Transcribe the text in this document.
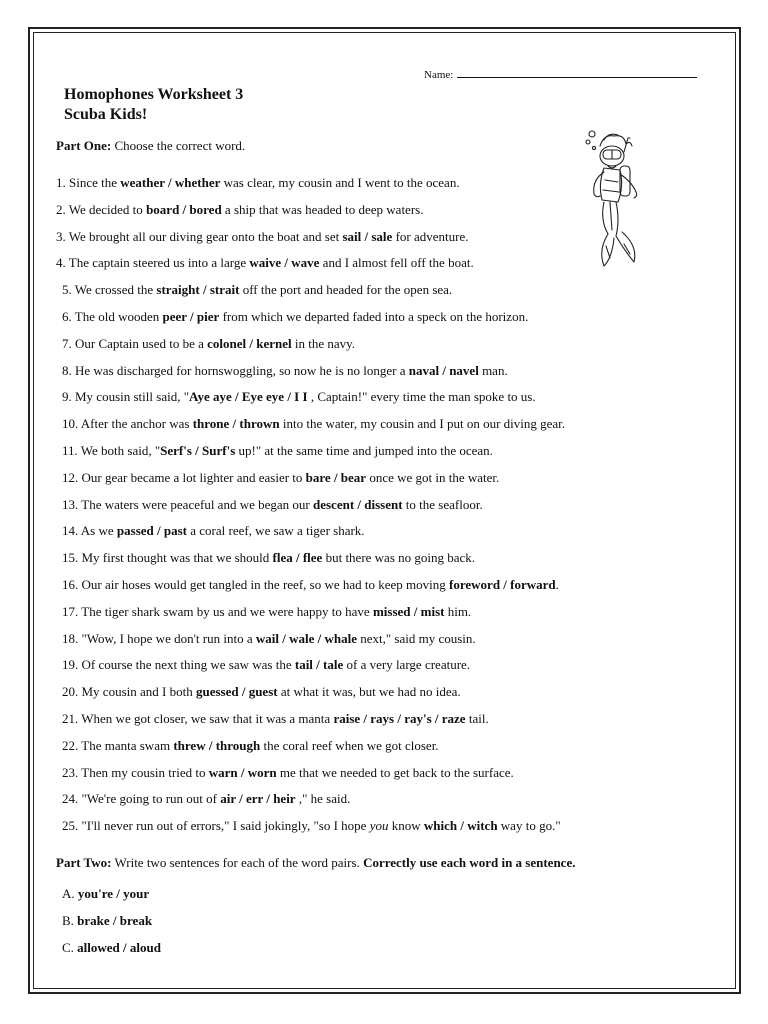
Name:
Homophones Worksheet 3
Scuba Kids!
Part One: Choose the correct word.
1. Since the weather / whether was clear, my cousin and I went to the ocean.
2. We decided to board / bored a ship that was headed to deep waters.
3. We brought all our diving gear onto the boat and set sail / sale for adventure.
4. The captain steered us into a large waive / wave and I almost fell off the boat.
5. We crossed the straight / strait off the port and headed for the open sea.
6. The old wooden peer / pier from which we departed faded into a speck on the horizon.
7. Our Captain used to be a colonel / kernel in the navy.
8. He was discharged for hornswoggling, so now he is no longer a naval / navel man.
9. My cousin still said, "Aye aye / Eye eye / I I , Captain!" every time the man spoke to us.
10. After the anchor was throne / thrown into the water, my cousin and I put on our diving gear.
11. We both said, "Serf's / Surf's up!" at the same time and jumped into the ocean.
12. Our gear became a lot lighter and easier to bare / bear once we got in the water.
13. The waters were peaceful and we began our descent / dissent to the seafloor.
14. As we passed / past a coral reef, we saw a tiger shark.
15. My first thought was that we should flea / flee but there was no going back.
16. Our air hoses would get tangled in the reef, so we had to keep moving foreword / forward.
17. The tiger shark swam by us and we were happy to have missed / mist him.
18. "Wow, I hope we don't run into a wail / wale / whale next," said my cousin.
19. Of course the next thing we saw was the tail / tale of a very large creature.
20. My cousin and I both guessed / guest at what it was, but we had no idea.
21. When we got closer, we saw that it was a manta raise / rays / ray's / raze tail.
22. The manta swam threw / through the coral reef when we got closer.
23. Then my cousin tried to warn / worn me that we needed to get back to the surface.
24. "We're going to run out of air / err / heir ," he said.
25. "I'll never run out of errors," I said jokingly, "so I hope you know which / witch way to go."
Part Two: Write two sentences for each of the word pairs. Correctly use each word in a sentence.
A. you're / your
B. brake / break
C. allowed / aloud
